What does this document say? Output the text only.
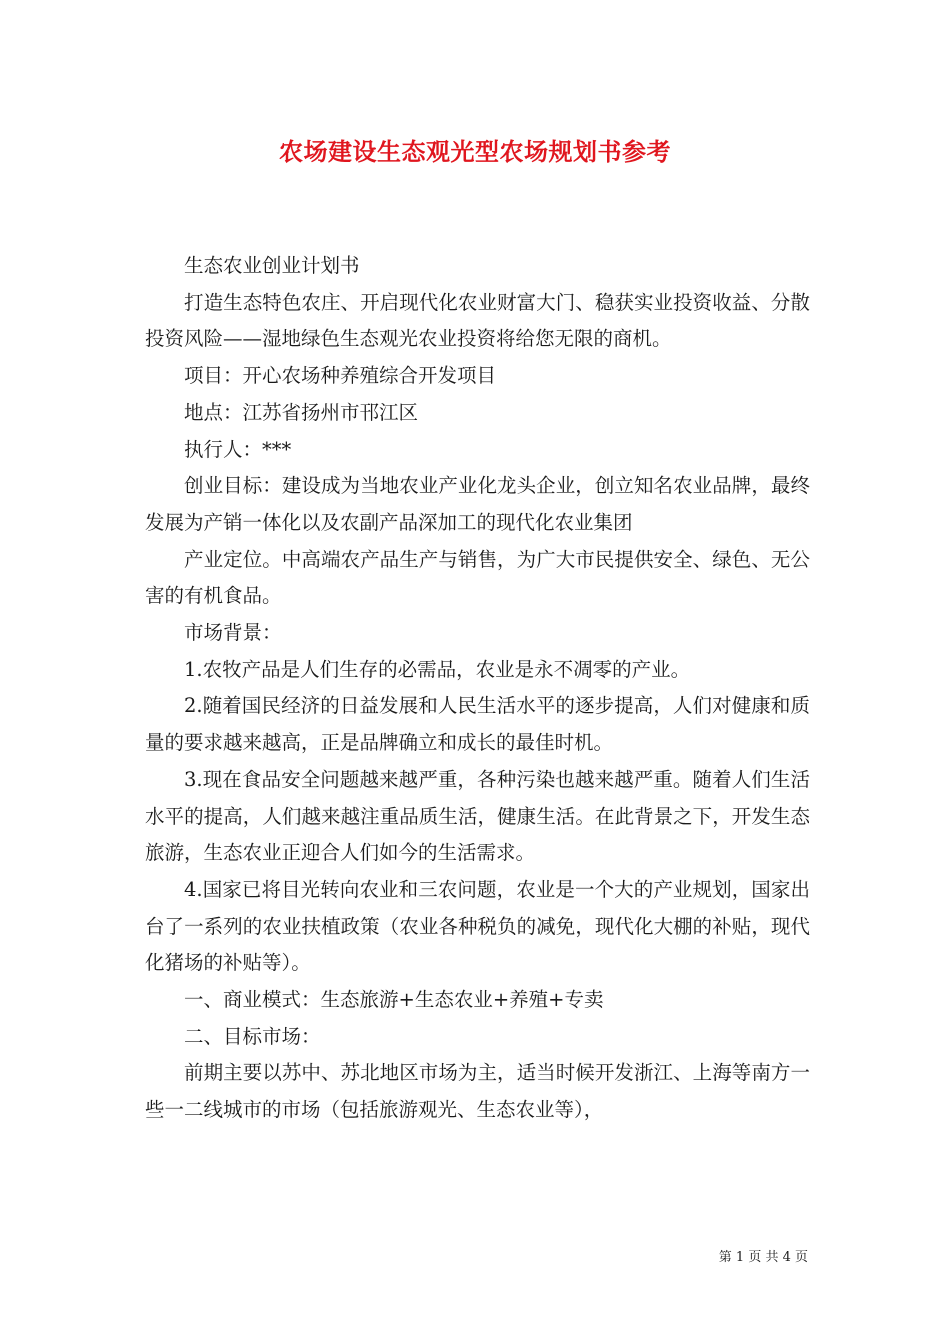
农场建设生态观光型农场规划书参考

生态农业创业计划书

打造生态特色农庄、开启现代化农业财富大门、稳获实业投资收益、分散投资风险——湿地绿色生态观光农业投资将给您无限的商机。

项目：开心农场种养殖综合开发项目

地点：江苏省扬州市邗江区

执行人：***

创业目标：建设成为当地农业产业化龙头企业，创立知名农业品牌，最终发展为产销一体化以及农副产品深加工的现代化农业集团

产业定位。中高端农产品生产与销售，为广大市民提供安全、绿色、无公害的有机食品。

市场背景：

1.农牧产品是人们生存的必需品，农业是永不凋零的产业。

2.随着国民经济的日益发展和人民生活水平的逐步提高，人们对健康和质量的要求越来越高，正是品牌确立和成长的最佳时机。

3.现在食品安全问题越来越严重，各种污染也越来越严重。随着人们生活水平的提高，人们越来越注重品质生活，健康生活。在此背景之下，开发生态旅游，生态农业正迎合人们如今的生活需求。

4.国家已将目光转向农业和三农问题，农业是一个大的产业规划，国家出台了一系列的农业扶植政策（农业各种税负的减免，现代化大棚的补贴，现代化猪场的补贴等）。

一、商业模式：生态旅游+生态农业+养殖+专卖

二、目标市场：

前期主要以苏中、苏北地区市场为主，适当时候开发浙江、上海等南方一些一二线城市的市场（包括旅游观光、生态农业等），

第 1 页 共 4 页
